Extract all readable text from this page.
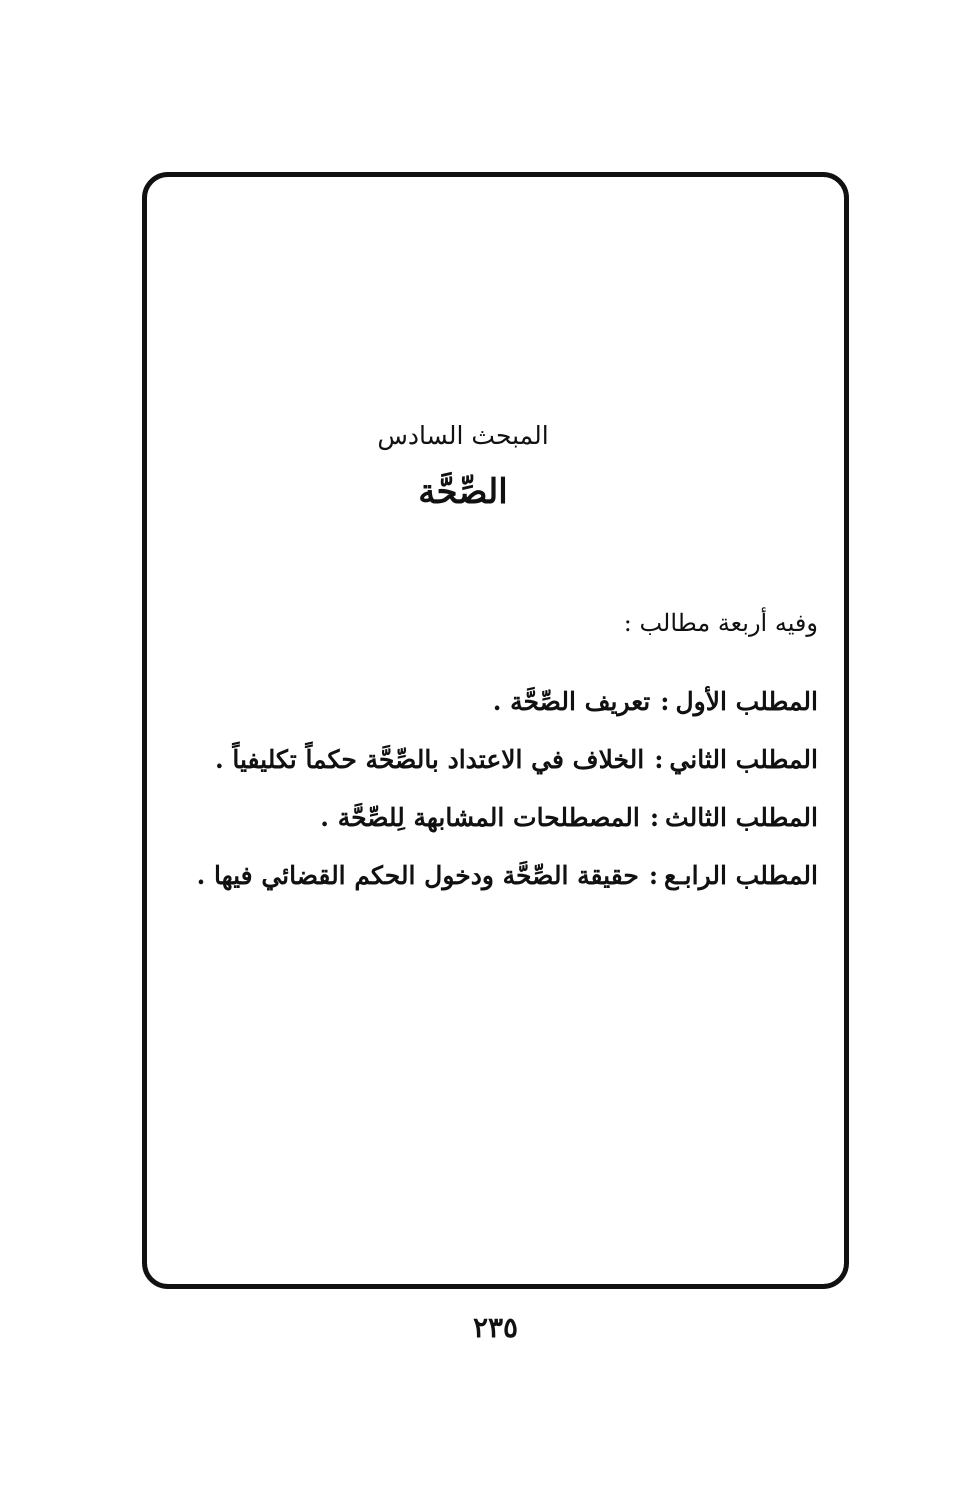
المبحث السادس
الصِّحَّة
وفيه أربعة مطالب :
المطلب الأول
:
تعريف الصِّحَّة .
المطلب الثاني
:
الخلاف في الاعتداد بالصِّحَّة حكماً تكليفياً .
المطلب الثالث
:
المصطلحات المشابهة لِلصِّحَّة .
المطلب الرابـع
:
حقيقة الصِّحَّة ودخول الحكم القضائي فيها .
٢٣٥
